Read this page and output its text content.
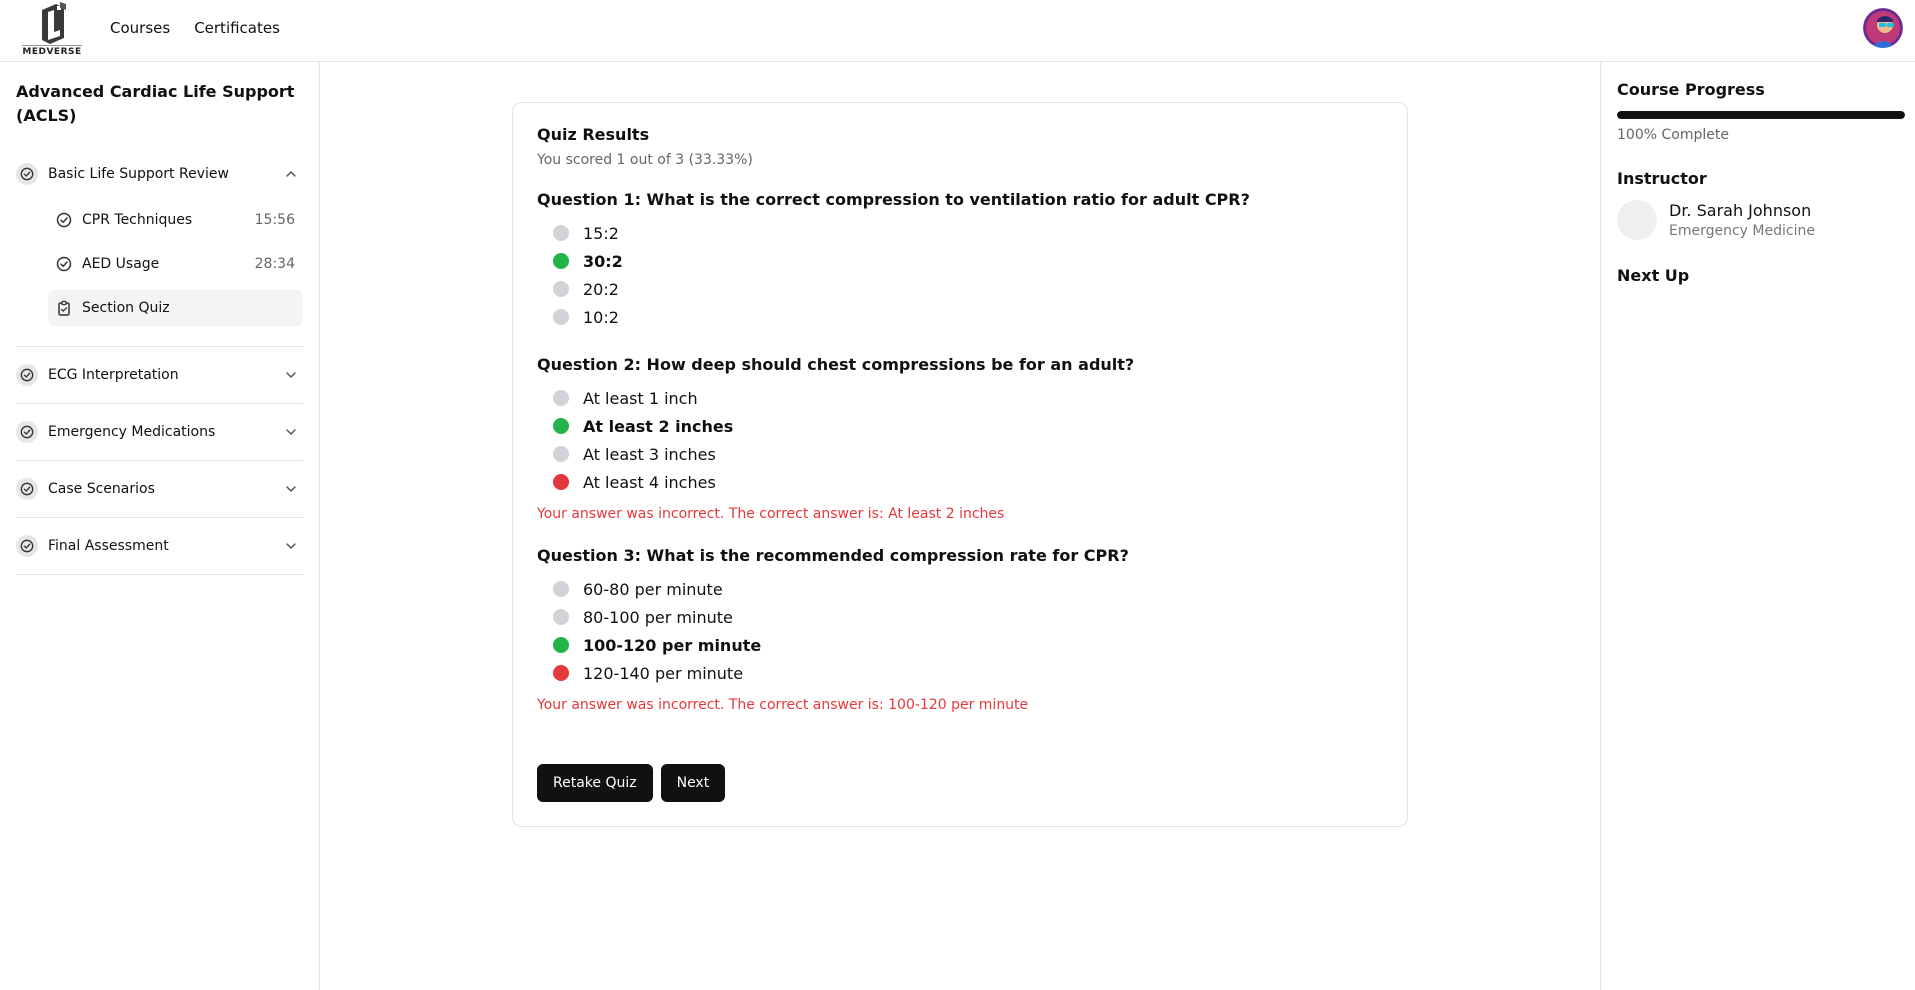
MEDVERSE
Courses Certificates
Advanced Cardiac Life Support (ACLS)
Basic Life Support Review
CPR Techniques	15:56
AED Usage	28:34
Section Quiz
ECG Interpretation
Emergency Medications
Case Scenarios
Final Assessment
Quiz Results
You scored 1 out of 3 (33.33%)
Question 1: What is the correct compression to ventilation ratio for adult CPR?
15:2
30:2
20:2
10:2
Question 2: How deep should chest compressions be for an adult?
At least 1 inch
At least 2 inches
At least 3 inches
At least 4 inches
Your answer was incorrect. The correct answer is: At least 2 inches
Question 3: What is the recommended compression rate for CPR?
60-80 per minute
80-100 per minute
100-120 per minute
120-140 per minute
Your answer was incorrect. The correct answer is: 100-120 per minute
Retake Quiz	Next
Course Progress
100% Complete
Instructor
Dr. Sarah Johnson
Emergency Medicine
Next Up
